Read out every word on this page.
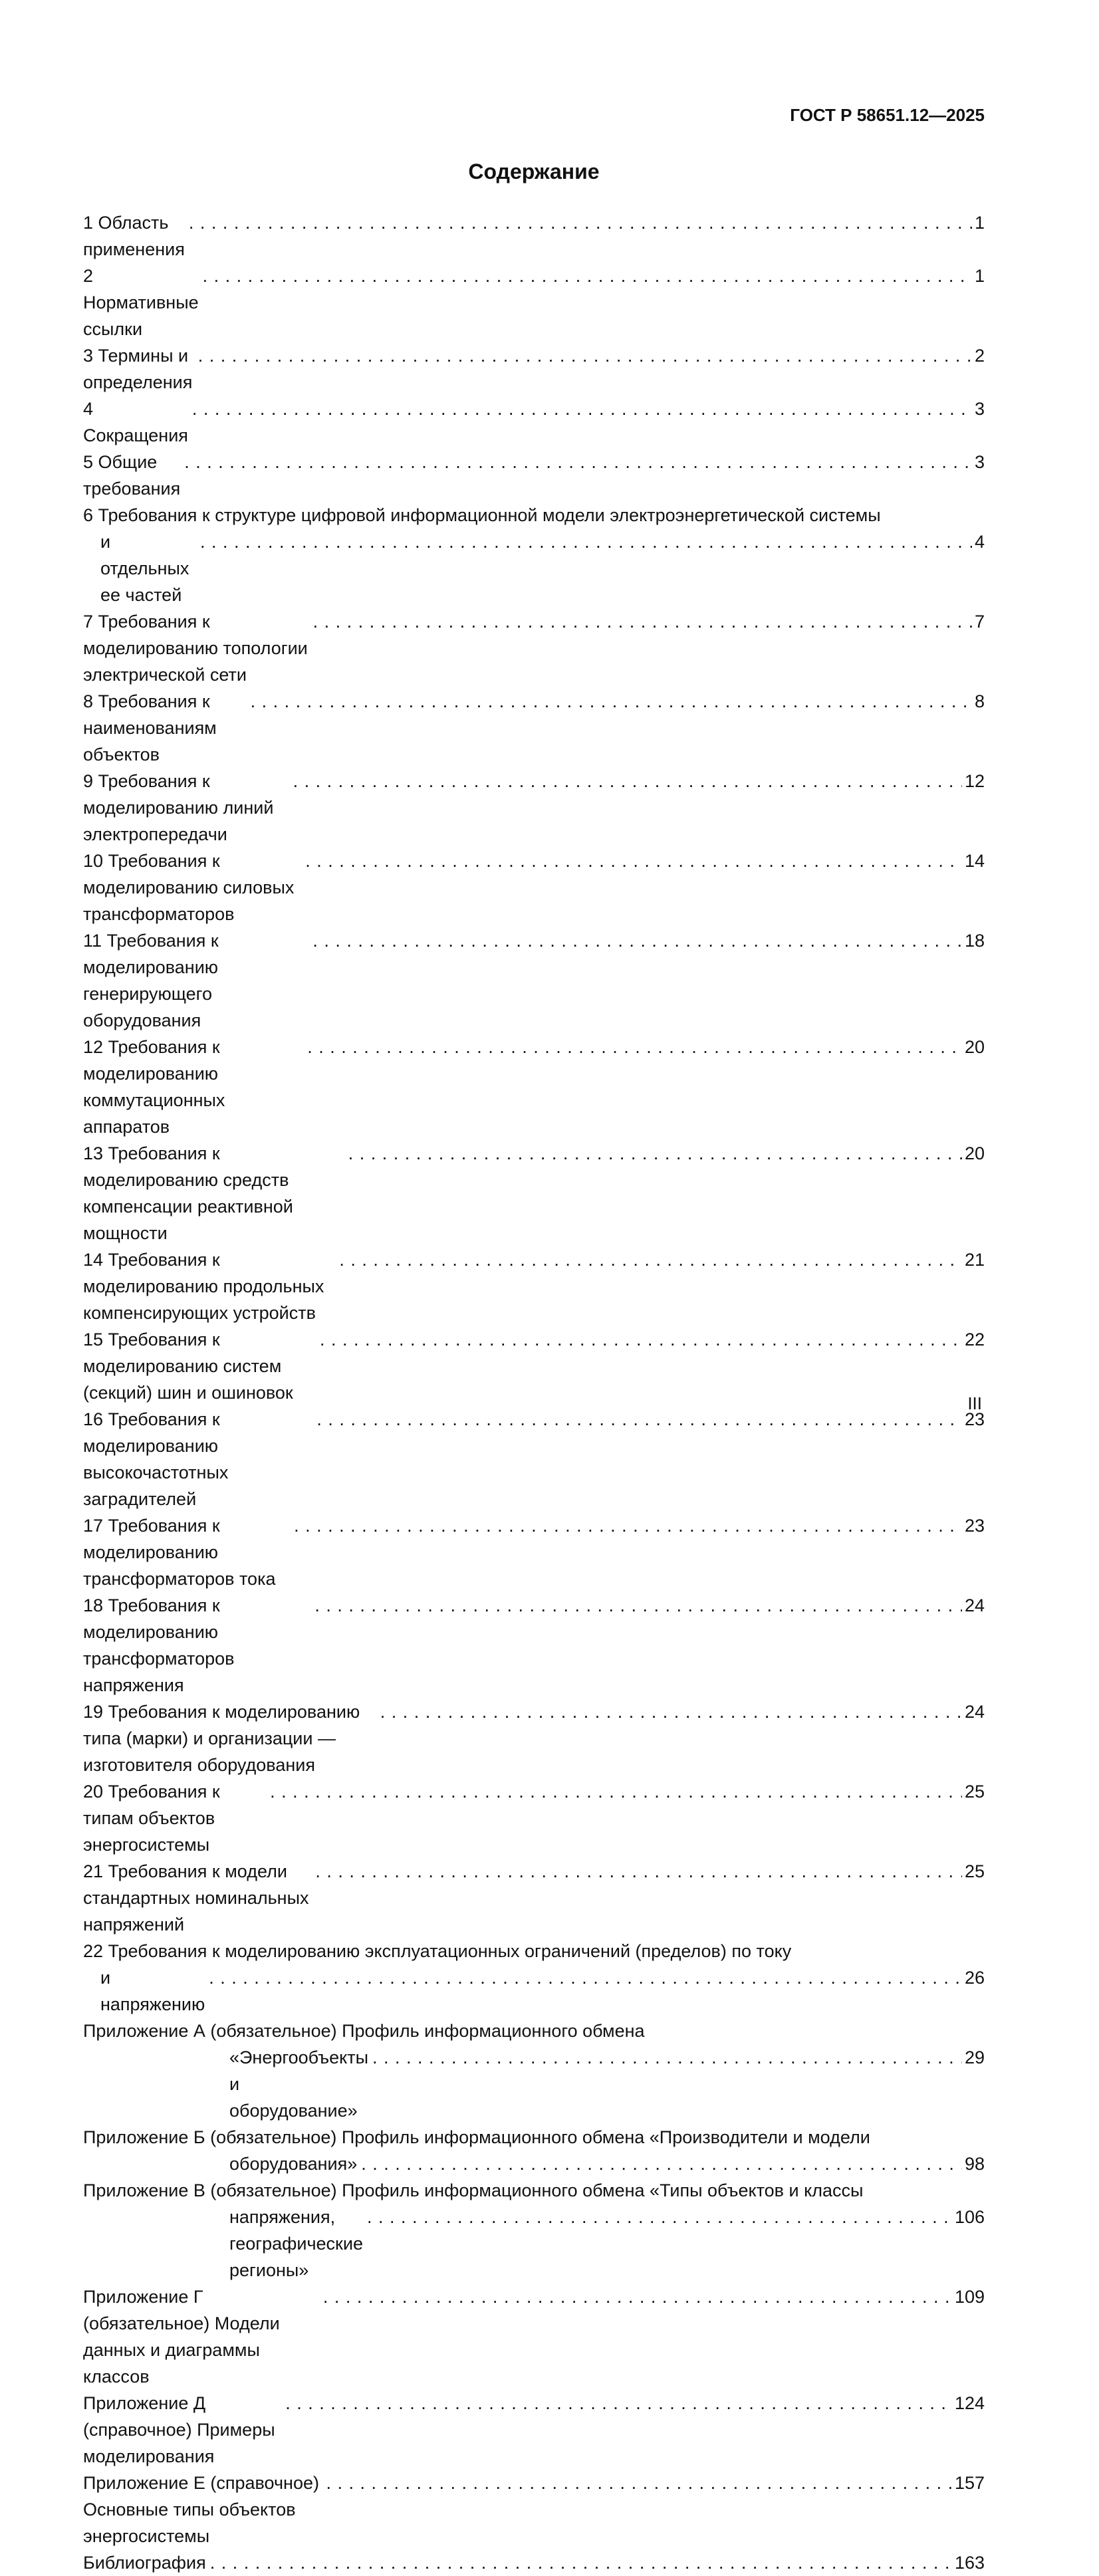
ГОСТ Р 58651.12—2025
Содержание
1 Область применения
. . .
1
2 Нормативные ссылки
. . .
1
3 Термины и определения
. . .
2
4 Сокращения
. . .
3
5 Общие требования
. . .
3
6 Требования к структуре цифровой информационной модели электроэнергетической системы
и отдельных ее частей
. . .
4
7 Требования к моделированию топологии электрической сети
. . .
7
8 Требования к наименованиям объектов
. . .
8
9 Требования к моделированию линий электропередачи
. . .
12
10 Требования к моделированию силовых трансформаторов
. . .
14
11 Требования к моделированию генерирующего оборудования
. . .
18
12 Требования к моделированию коммутационных аппаратов
. . .
20
13 Требования к моделированию средств компенсации реактивной мощности
. . .
20
14 Требования к моделированию продольных компенсирующих устройств
. . .
21
15 Требования к моделированию систем (секций) шин и ошиновок
. . .
22
16 Требования к моделированию высокочастотных заградителей
. . .
23
17 Требования к моделированию трансформаторов тока
. . .
23
18 Требования к моделированию трансформаторов напряжения
. . .
24
19 Требования к моделированию типа (марки) и организации — изготовителя оборудования
. . .
24
20 Требования к типам объектов энергосистемы
. . .
25
21 Требования к модели стандартных номинальных напряжений
. . .
25
22 Требования к моделированию эксплуатационных ограничений (пределов) по току
и напряжению
. . .
26
Приложение А (обязательное) Профиль информационного обмена
«Энергообъекты и оборудование»
. . .
29
Приложение Б (обязательное) Профиль информационного обмена «Производители и модели
оборудования» . . .	98
Приложение В (обязательное) Профиль информационного обмена «Типы объектов и классы
напряжения, географические регионы»
. . .
106
Приложение Г (обязательное) Модели данных и диаграммы классов
. . .
109
Приложение Д (справочное) Примеры моделирования
. . .
124
Приложение Е (справочное) Основные типы объектов энергосистемы
. . .
157
Библиография . . .	163
III
